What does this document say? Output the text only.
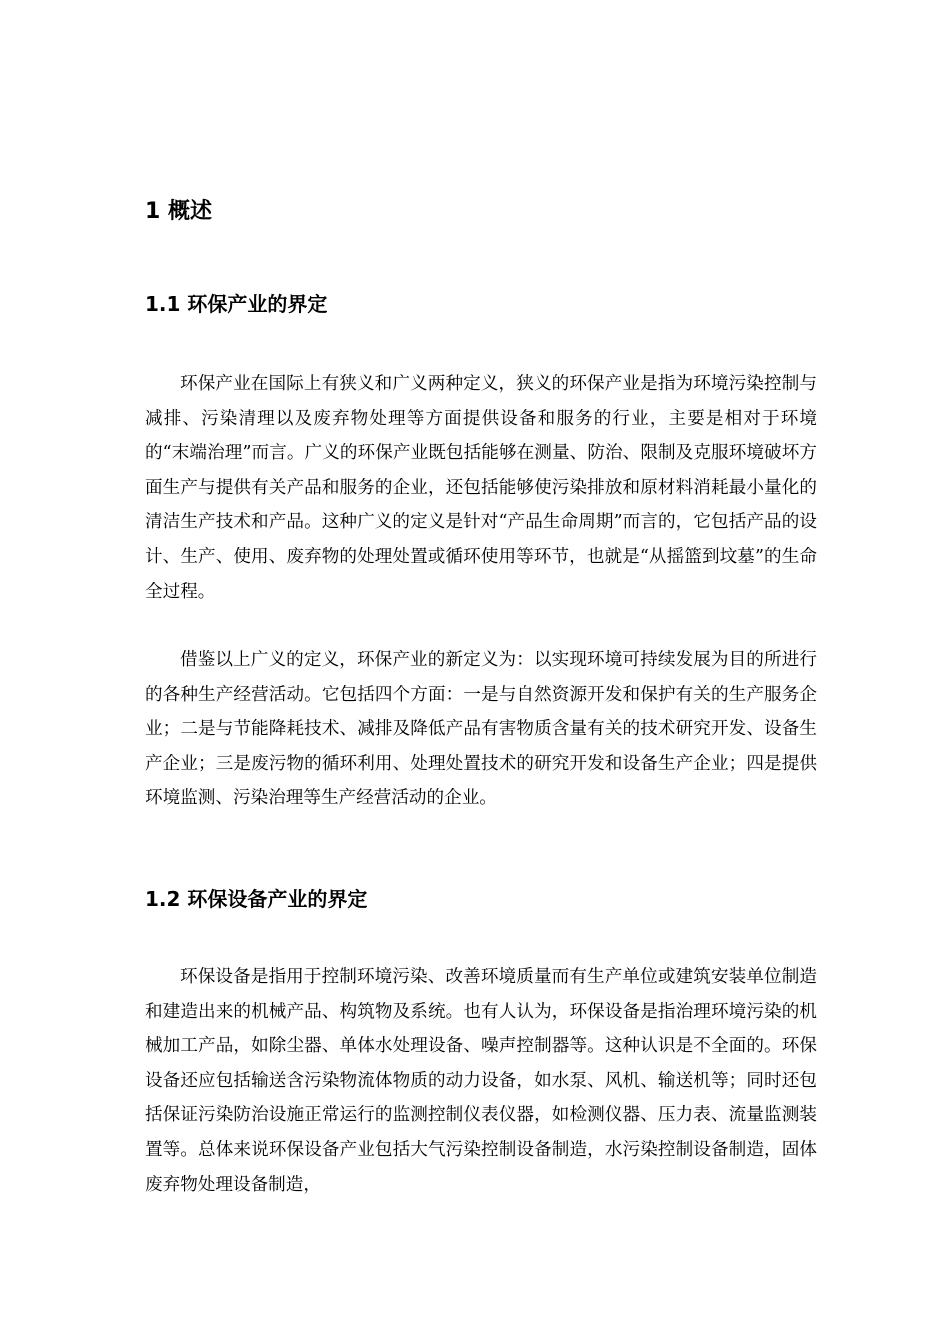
1 概述
1.1 环保产业的界定

环保产业在国际上有狭义和广义两种定义，狭义的环保产业是指为环境污染控制与减排、污染清理以及废弃物处理等方面提供设备和服务的行业，主要是相对于环境的“末端治理”而言。广义的环保产业既包括能够在测量、防治、限制及克服环境破坏方面生产与提供有关产品和服务的企业，还包括能够使污染排放和原材料消耗最小量化的清洁生产技术和产品。这种广义的定义是针对“产品生命周期”而言的，它包括产品的设计、生产、使用、废弃物的处理处置或循环使用等环节，也就是“从摇篮到坟墓”的生命全过程。

借鉴以上广义的定义，环保产业的新定义为：以实现环境可持续发展为目的所进行的各种生产经营活动。它包括四个方面：一是与自然资源开发和保护有关的生产服务企业；二是与节能降耗技术、减排及降低产品有害物质含量有关的技术研究开发、设备生产企业；三是废污物的循环利用、处理处置技术的研究开发和设备生产企业；四是提供环境监测、污染治理等生产经营活动的企业。

1.2 环保设备产业的界定

环保设备是指用于控制环境污染、改善环境质量而有生产单位或建筑安装单位制造和建造出来的机械产品、构筑物及系统。也有人认为，环保设备是指治理环境污染的机械加工产品，如除尘器、单体水处理设备、噪声控制器等。这种认识是不全面的。环保设备还应包括输送含污染物流体物质的动力设备，如水泵、风机、输送机等；同时还包括保证污染防治设施正常运行的监测控制仪表仪器，如检测仪器、压力表、流量监测装置等。总体来说环保设备产业包括大气污染控制设备制造，水污染控制设备制造，固体废弃物处理设备制造，
